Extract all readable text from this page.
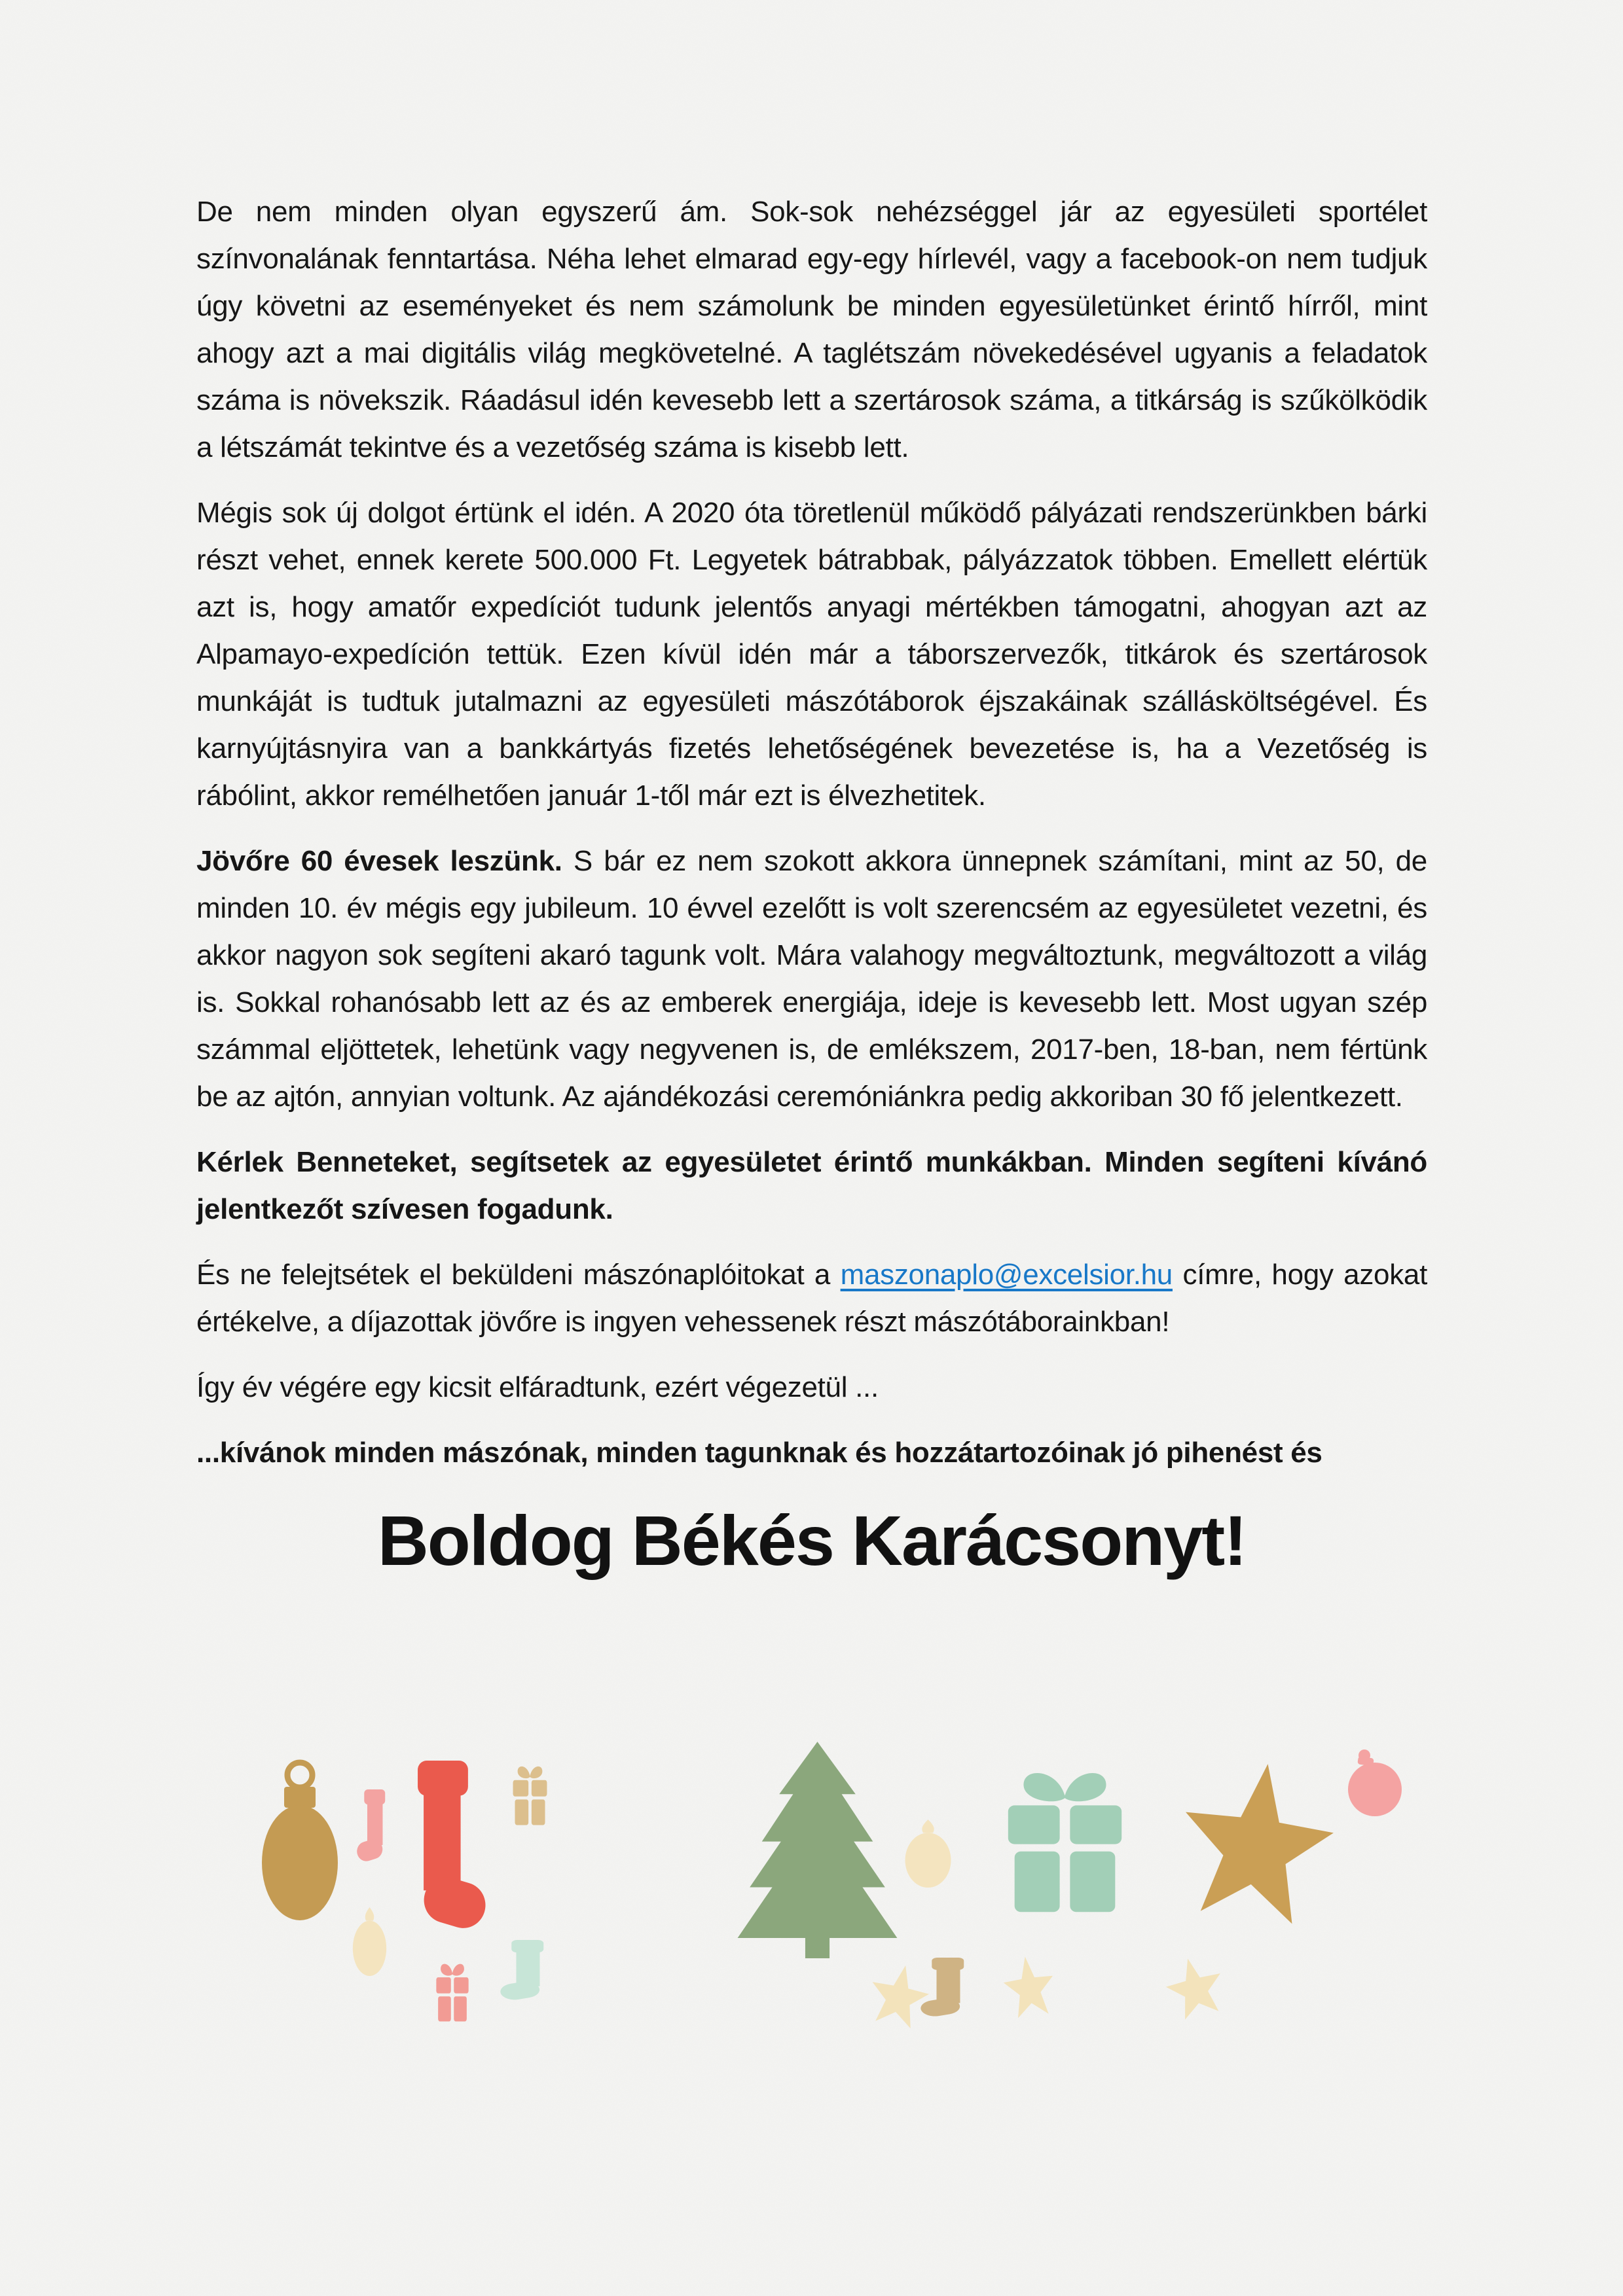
De nem minden olyan egyszerű ám. Sok-sok nehézséggel jár az egyesületi sportélet színvonalának fenntartása. Néha lehet elmarad egy-egy hírlevél, vagy a facebook-on nem tudjuk úgy követni az eseményeket és nem számolunk be minden egyesületünket érintő hírről, mint ahogy azt a mai digitális világ megkövetelné. A taglétszám növekedésével ugyanis a feladatok száma is növekszik. Ráadásul idén kevesebb lett a szertárosok száma, a titkárság is szűkölködik a létszámát tekintve és a vezetőség száma is kisebb lett.

Mégis sok új dolgot értünk el idén. A 2020 óta töretlenül működő pályázati rendszerünkben bárki részt vehet, ennek kerete 500.000 Ft. Legyetek bátrabbak, pályázzatok többen. Emellett elértük azt is, hogy amatőr expedíciót tudunk jelentős anyagi mértékben támogatni, ahogyan azt az Alpamayo-expedíción tettük. Ezen kívül idén már a táborszervezők, titkárok és szertárosok munkáját is tudtuk jutalmazni az egyesületi mászótáborok éjszakáinak szállásköltségével. És karnyújtásnyira van a bankkártyás fizetés lehetőségének bevezetése is, ha a Vezetőség is rábólint, akkor remélhetően január 1-től már ezt is élvezhetitek.

Jövőre 60 évesek leszünk. S bár ez nem szokott akkora ünnepnek számítani, mint az 50, de minden 10. év mégis egy jubileum. 10 évvel ezelőtt is volt szerencsém az egyesületet vezetni, és akkor nagyon sok segíteni akaró tagunk volt. Mára valahogy megváltoztunk, megváltozott a világ is. Sokkal rohanósabb lett az és az emberek energiája, ideje is kevesebb lett. Most ugyan szép számmal eljöttetek, lehetünk vagy negyvenen is, de emlékszem, 2017-ben, 18-ban, nem fértünk be az ajtón, annyian voltunk. Az ajándékozási ceremóniánkra pedig akkoriban 30 fő jelentkezett.

Kérlek Benneteket, segítsetek az egyesületet érintő munkákban. Minden segíteni kívánó jelentkezőt szívesen fogadunk.

És ne felejtsétek el beküldeni mászónaplóitokat a maszonaplo@excelsior.hu címre, hogy azokat értékelve, a díjazottak jövőre is ingyen vehessenek részt mászótáborainkban!

Így év végére egy kicsit elfáradtunk, ezért végezetül ...

...kívánok minden mászónak, minden tagunknak és hozzátartozóinak jó pihenést és

Boldog Békés Karácsonyt!
